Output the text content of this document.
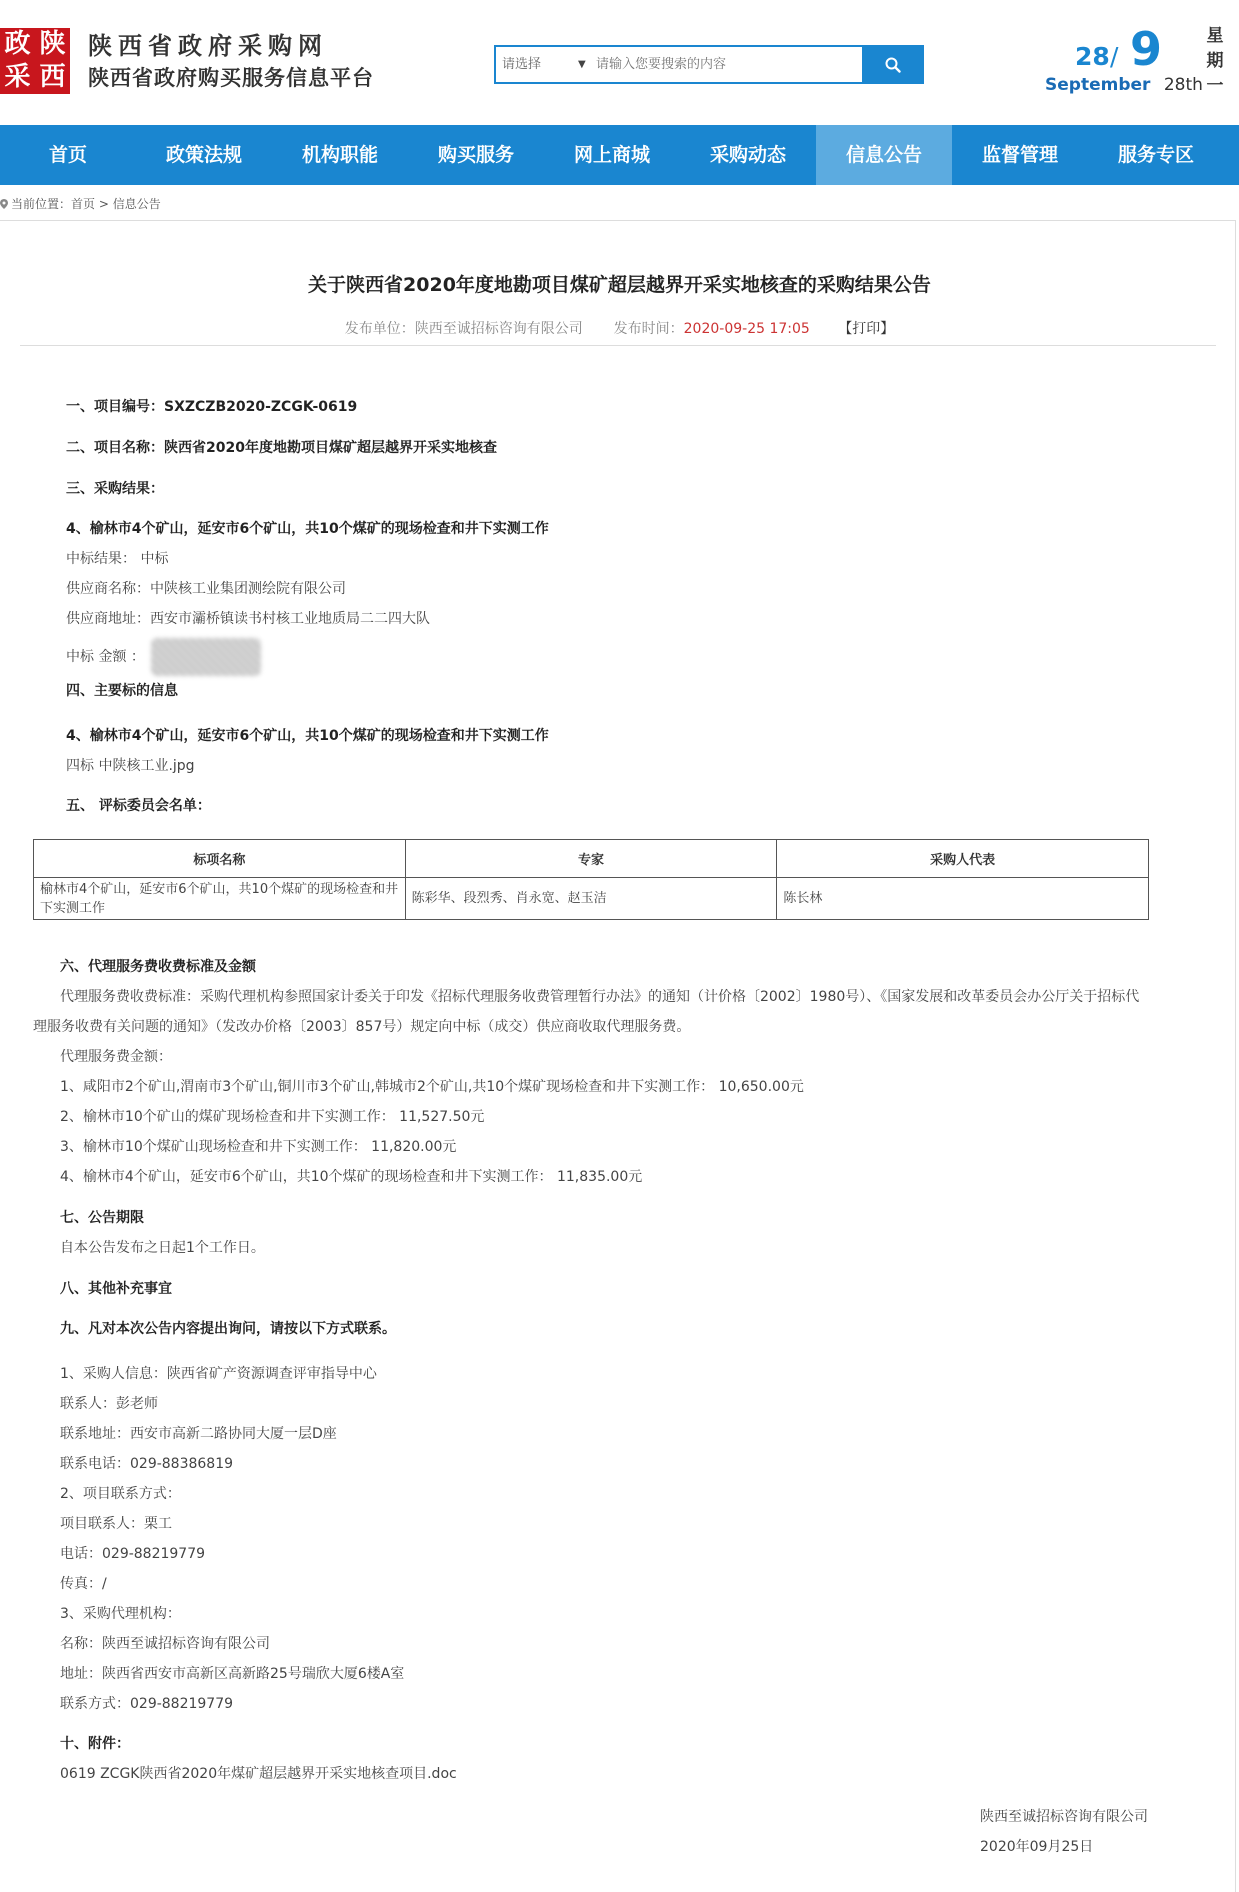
政 陕
采 西
陕西省政府采购网
陕西省政府购买服务信息平台
请选择	▼
请输入您要搜索的内容	28 / 9
September 28th
星
期
一
首页	政策法规	机构职能	购买服务	网上商城	采购动态	信息公告	监督管理	服务专区
当前位置：首页 > 信息公告
关于陕西省2020年度地勘项目煤矿超层越界开采实地核查的采购结果公告
发布单位：陕西至诚招标咨询有限公司 发布时间：2020-09-25 17:05 【打印】
一、项目编号：SXZCZB2020-ZCGK-0619
二、项目名称：陕西省2020年度地勘项目煤矿超层越界开采实地核查
三、采购结果：
4、榆林市4个矿山，延安市6个矿山，共10个煤矿的现场检查和井下实测工作
中标结果： 中标
供应商名称：中陕核工业集团测绘院有限公司
供应商地址：西安市灞桥镇读书村核工业地质局二二四大队
中标 金额 ：
四、主要标的信息
4、榆林市4个矿山，延安市6个矿山，共10个煤矿的现场检查和井下实测工作
四标 中陕核工业.jpg
五、 评标委员会名单：
标项名称	专家	采购人代表
榆林市4个矿山，延安市6个矿山，共10个煤矿的现场检查和井下实测工作	陈彩华、段烈秀、肖永宽、赵玉洁	陈长林
六、代理服务费收费标准及金额
代理服务费收费标准：采购代理机构参照国家计委关于印发《招标代理服务收费管理暂行办法》的通知（计价格〔2002〕1980号）、《国家发展和改革委员会办公厅关于招标代
理服务收费有关问题的通知》（发改办价格〔2003〕857号）规定向中标（成交）供应商收取代理服务费。
代理服务费金额：
1、咸阳市2个矿山,渭南市3个矿山,铜川市3个矿山,韩城市2个矿山,共10个煤矿现场检查和井下实测工作： 10,650.00元
2、榆林市10个矿山的煤矿现场检查和井下实测工作： 11,527.50元
3、榆林市10个煤矿山现场检查和井下实测工作： 11,820.00元
4、榆林市4个矿山，延安市6个矿山，共10个煤矿的现场检查和井下实测工作： 11,835.00元
七、公告期限
自本公告发布之日起1个工作日。
八、其他补充事宜
九、凡对本次公告内容提出询问，请按以下方式联系。
1、采购人信息：陕西省矿产资源调查评审指导中心
联系人：彭老师
联系地址：西安市高新二路协同大厦一层D座
联系电话：029-88386819
2、项目联系方式：
项目联系人：栗工
电话：029-88219779
传真：/
3、采购代理机构：
名称：陕西至诚招标咨询有限公司
地址：陕西省西安市高新区高新路25号瑞欣大厦6楼A室
联系方式：029-88219779
十、附件：
0619 ZCGK陕西省2020年煤矿超层越界开采实地核查项目.doc
陕西至诚招标咨询有限公司
2020年09月25日
